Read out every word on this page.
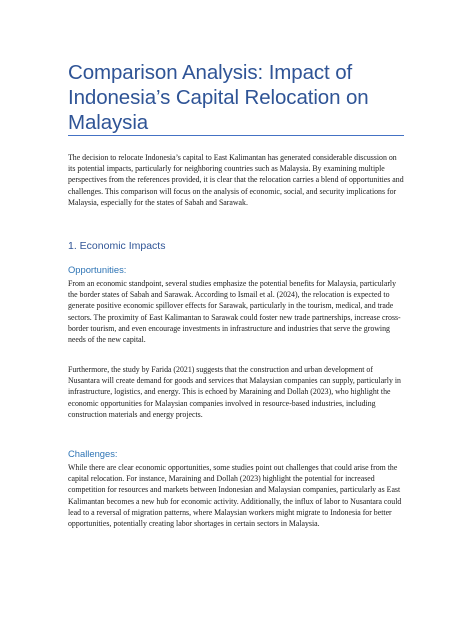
Comparison Analysis: Impact of Indonesia’s Capital Relocation on Malaysia

The decision to relocate Indonesia’s capital to East Kalimantan has generated considerable discussion on its potential impacts, particularly for neighboring countries such as Malaysia. By examining multiple perspectives from the references provided, it is clear that the relocation carries a blend of opportunities and challenges. This comparison will focus on the analysis of economic, social, and security implications for Malaysia, especially for the states of Sabah and Sarawak.

1. Economic Impacts
Opportunities:

From an economic standpoint, several studies emphasize the potential benefits for Malaysia, particularly the border states of Sabah and Sarawak. According to Ismail et al. (2024), the relocation is expected to generate positive economic spillover effects for Sarawak, particularly in the tourism, medical, and trade sectors. The proximity of East Kalimantan to Sarawak could foster new trade partnerships, increase cross-border tourism, and even encourage investments in infrastructure and industries that serve the growing needs of the new capital.

Furthermore, the study by Farida (2021) suggests that the construction and urban development of Nusantara will create demand for goods and services that Malaysian companies can supply, particularly in infrastructure, logistics, and energy. This is echoed by Maraining and Dollah (2023), who highlight the economic opportunities for Malaysian companies involved in resource-based industries, including construction materials and energy projects.

Challenges:

While there are clear economic opportunities, some studies point out challenges that could arise from the capital relocation. For instance, Maraining and Dollah (2023) highlight the potential for increased competition for resources and markets between Indonesian and Malaysian companies, particularly as East Kalimantan becomes a new hub for economic activity. Additionally, the influx of labor to Nusantara could lead to a reversal of migration patterns, where Malaysian workers might migrate to Indonesia for better opportunities, potentially creating labor shortages in certain sectors in Malaysia.
